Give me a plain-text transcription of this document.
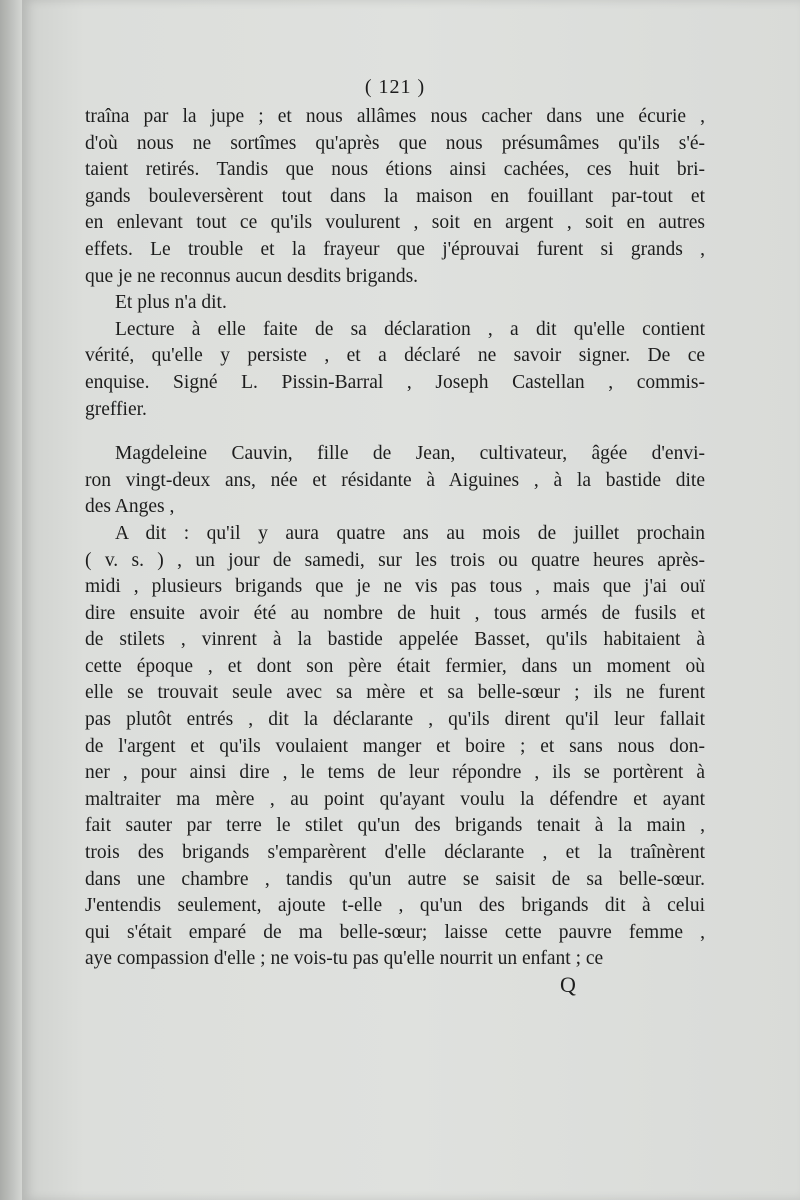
( 121 )
traîna par la jupe ; et nous allâmes nous cacher dans une écurie ,
d'où nous ne sortîmes qu'après que nous présumâmes qu'ils s'é-
taient retirés. Tandis que nous étions ainsi cachées, ces huit bri-
gands bouleversèrent tout dans la maison en fouillant par-tout et
en enlevant tout ce qu'ils voulurent , soit en argent , soit en autres
effets. Le trouble et la frayeur que j'éprouvai furent si grands ,
que je ne reconnus aucun desdits brigands.
Et plus n'a dit.
Lecture à elle faite de sa déclaration , a dit qu'elle contient
vérité, qu'elle y persiste , et a déclaré ne savoir signer. De ce
enquise. Signé L. Pissin-Barral , Joseph Castellan , commis-
greffier.
Magdeleine Cauvin, fille de Jean, cultivateur, âgée d'envi-
ron vingt-deux ans, née et résidante à Aiguines , à la bastide dite
des Anges ,
A dit : qu'il y aura quatre ans au mois de juillet prochain
( v. s. ) , un jour de samedi, sur les trois ou quatre heures après-
midi , plusieurs brigands que je ne vis pas tous , mais que j'ai ouï
dire ensuite avoir été au nombre de huit , tous armés de fusils et
de stilets , vinrent à la bastide appelée Basset, qu'ils habitaient à
cette époque , et dont son père était fermier, dans un moment où
elle se trouvait seule avec sa mère et sa belle-sœur ; ils ne furent
pas plutôt entrés , dit la déclarante , qu'ils dirent qu'il leur fallait
de l'argent et qu'ils voulaient manger et boire ; et sans nous don-
ner , pour ainsi dire , le tems de leur répondre , ils se portèrent à
maltraiter ma mère , au point qu'ayant voulu la défendre et ayant
fait sauter par terre le stilet qu'un des brigands tenait à la main ,
trois des brigands s'emparèrent d'elle déclarante , et la traînèrent
dans une chambre , tandis qu'un autre se saisit de sa belle-sœur.
J'entendis seulement, ajoute t-elle , qu'un des brigands dit à celui
qui s'était emparé de ma belle-sœur; laisse cette pauvre femme ,
aye compassion d'elle ; ne vois-tu pas qu'elle nourrit un enfant ; ce
Q
